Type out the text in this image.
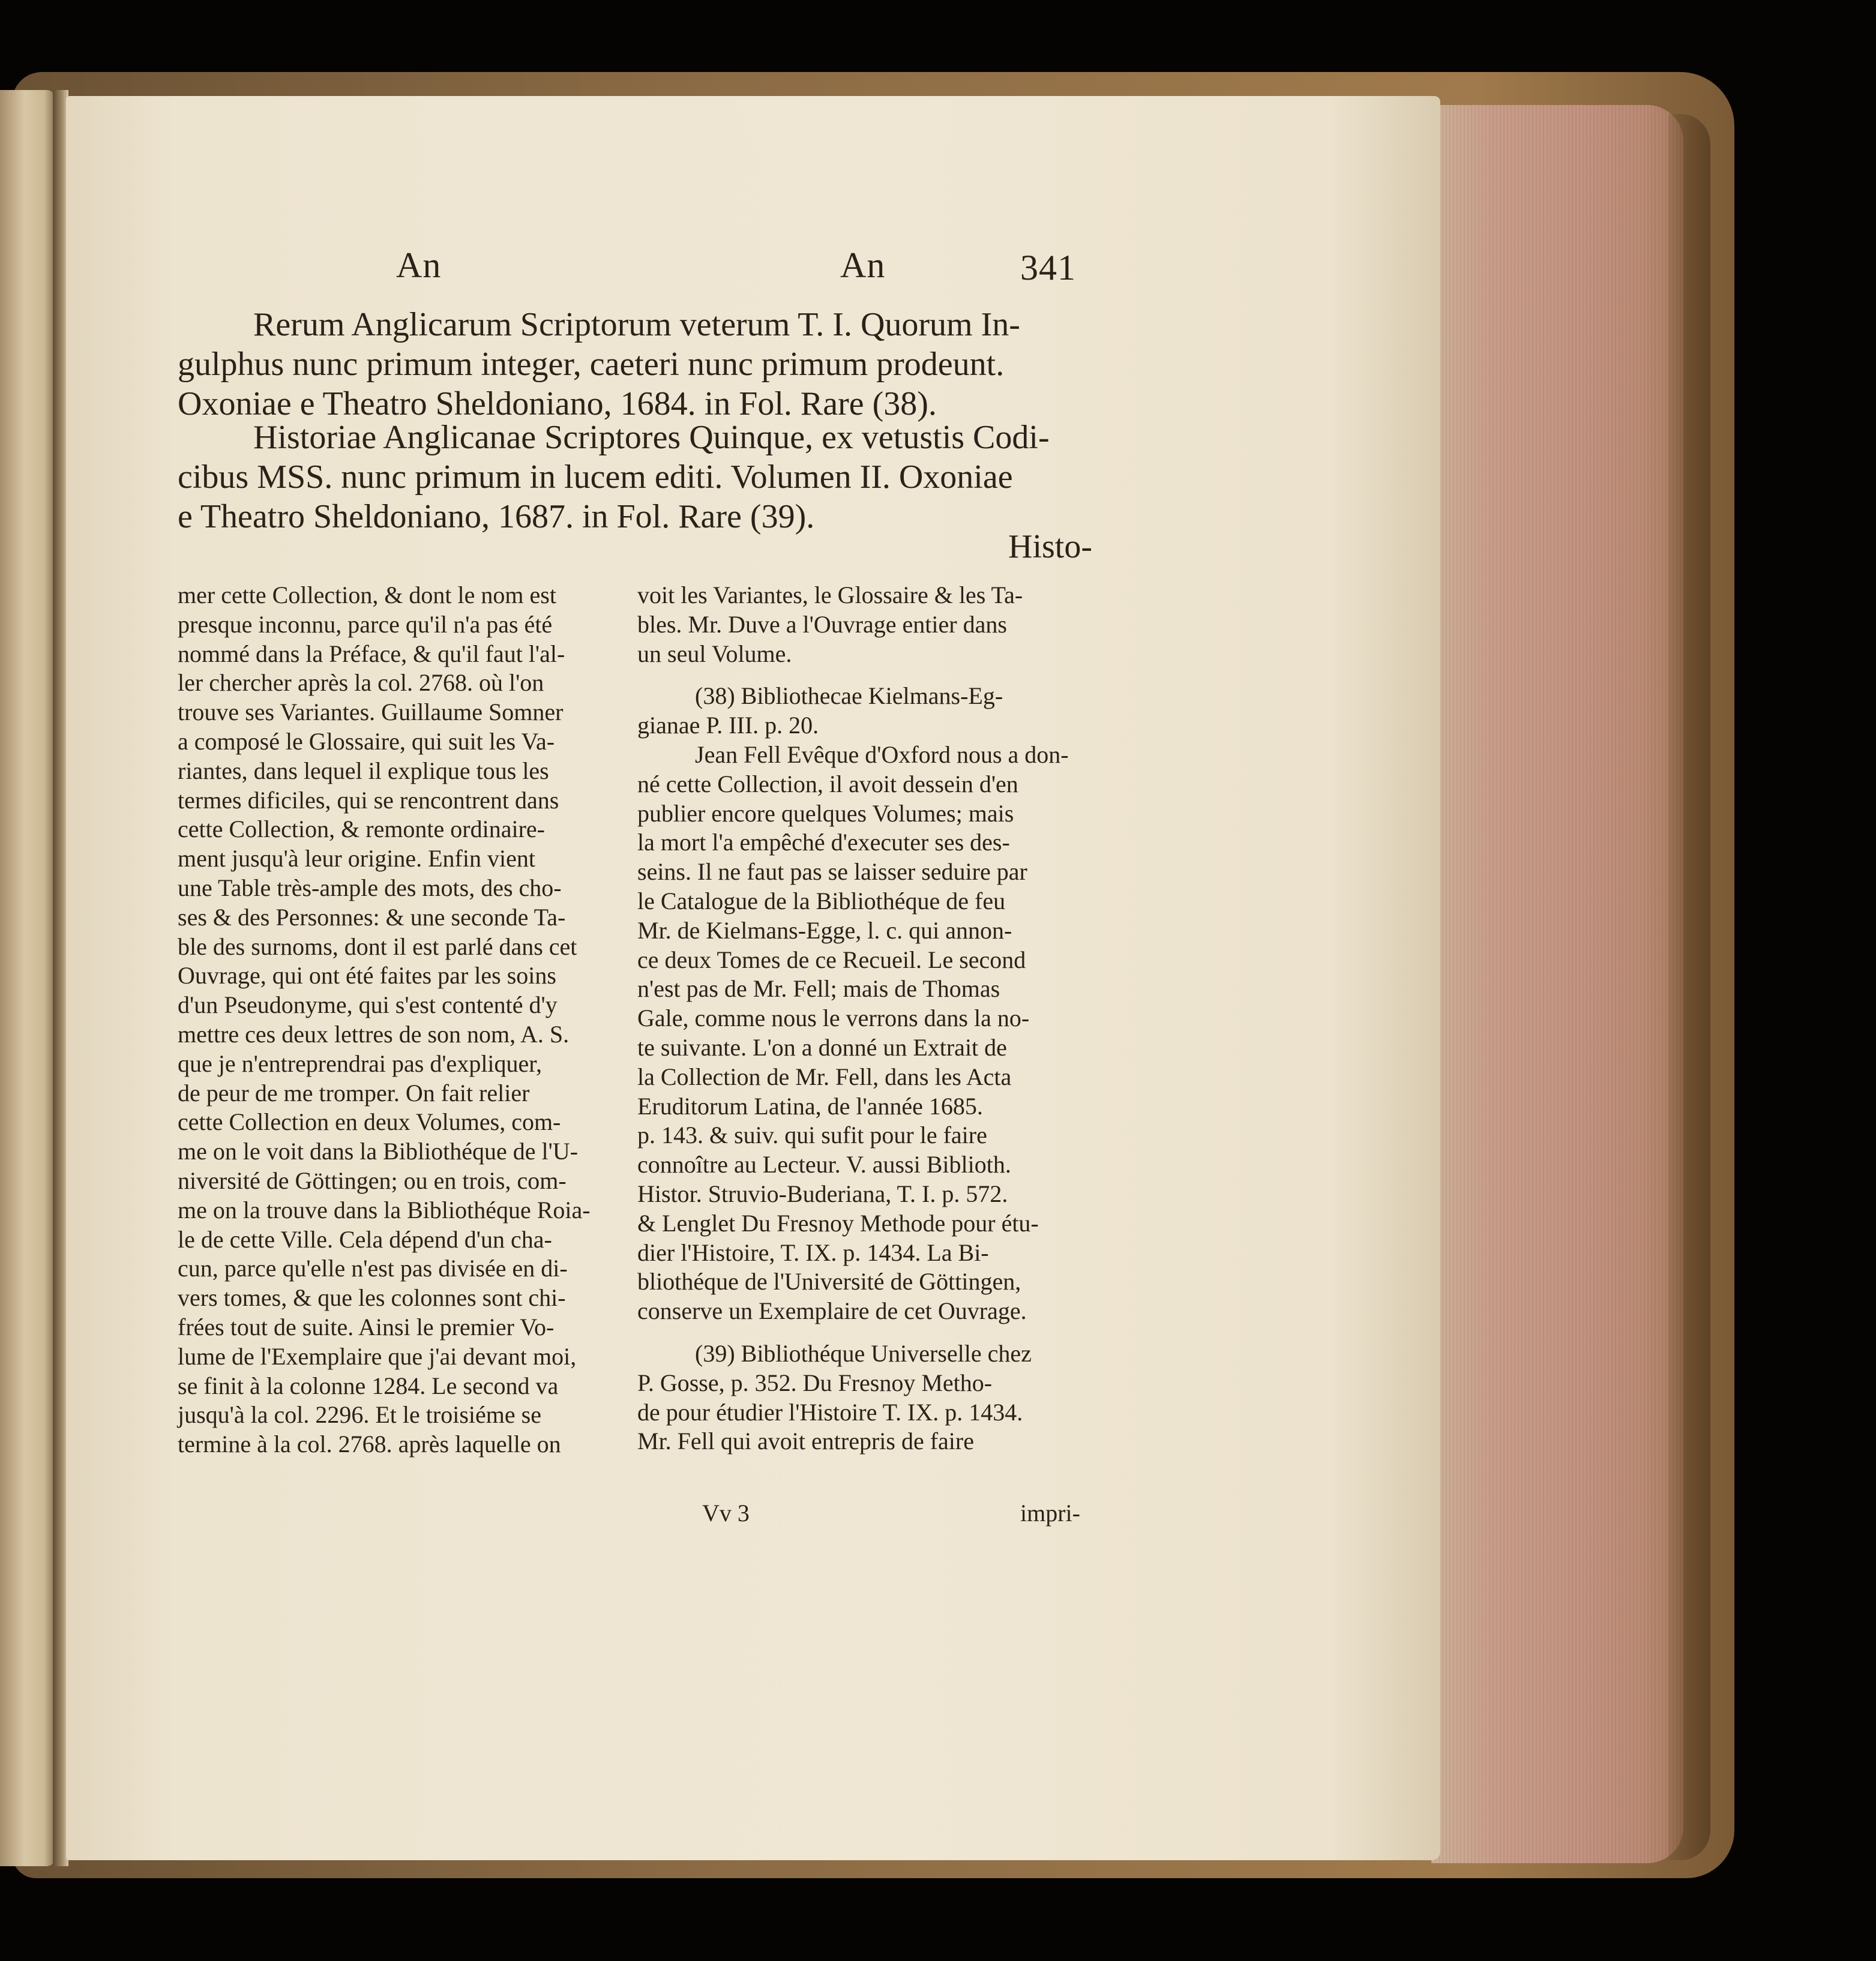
An	An	341
Rerum Anglicarum Scriptorum veterum T. I. Quorum In-
gulphus nunc primum integer, caeteri nunc primum prodeunt.
Oxoniae e Theatro Sheldoniano, 1684. in Fol. Rare (38).
Historiae Anglicanae Scriptores Quinque, ex vetustis Codi-
cibus MSS. nunc primum in lucem editi. Volumen II. Oxoniae
e Theatro Sheldoniano, 1687. in Fol. Rare (39).
Histo-
mer cette Collection, & dont le nom est
presque inconnu, parce qu'il n'a pas été
nommé dans la Préface, & qu'il faut l'al-
ler chercher après la col. 2768. où l'on
trouve ses Variantes. Guillaume Somner
a composé le Glossaire, qui suit les Va-
riantes, dans lequel il explique tous les
termes dificiles, qui se rencontrent dans
cette Collection, & remonte ordinaire-
ment jusqu'à leur origine. Enfin vient
une Table très-ample des mots, des cho-
ses & des Personnes: & une seconde Ta-
ble des surnoms, dont il est parlé dans cet
Ouvrage, qui ont été faites par les soins
d'un Pseudonyme, qui s'est contenté d'y
mettre ces deux lettres de son nom, A. S.
que je n'entreprendrai pas d'expliquer,
de peur de me tromper. On fait relier
cette Collection en deux Volumes, com-
me on le voit dans la Bibliothéque de l'U-
niversité de Göttingen; ou en trois, com-
me on la trouve dans la Bibliothéque Roia-
le de cette Ville. Cela dépend d'un cha-
cun, parce qu'elle n'est pas divisée en di-
vers tomes, & que les colonnes sont chi-
frées tout de suite. Ainsi le premier Vo-
lume de l'Exemplaire que j'ai devant moi,
se finit à la colonne 1284. Le second va
jusqu'à la col. 2296. Et le troisiéme se
termine à la col. 2768. après laquelle on
voit les Variantes, le Glossaire & les Ta-
bles. Mr. Duve a l'Ouvrage entier dans
un seul Volume.
(38) Bibliothecae Kielmans-Eg-
gianae P. III. p. 20.
Jean Fell Evêque d'Oxford nous a don-
né cette Collection, il avoit dessein d'en
publier encore quelques Volumes; mais
la mort l'a empêché d'executer ses des-
seins. Il ne faut pas se laisser seduire par
le Catalogue de la Bibliothéque de feu
Mr. de Kielmans-Egge, l. c. qui annon-
ce deux Tomes de ce Recueil. Le second
n'est pas de Mr. Fell; mais de Thomas
Gale, comme nous le verrons dans la no-
te suivante. L'on a donné un Extrait de
la Collection de Mr. Fell, dans les Acta
Eruditorum Latina, de l'année 1685.
p. 143. & suiv. qui sufit pour le faire
connoître au Lecteur. V. aussi Biblioth.
Histor. Struvio-Buderiana, T. I. p. 572.
& Lenglet Du Fresnoy Methode pour étu-
dier l'Histoire, T. IX. p. 1434. La Bi-
bliothéque de l'Université de Göttingen,
conserve un Exemplaire de cet Ouvrage.
(39) Bibliothéque Universelle chez
P. Gosse, p. 352. Du Fresnoy Metho-
de pour étudier l'Histoire T. IX. p. 1434.
Mr. Fell qui avoit entrepris de faire
Vv 3	impri-
